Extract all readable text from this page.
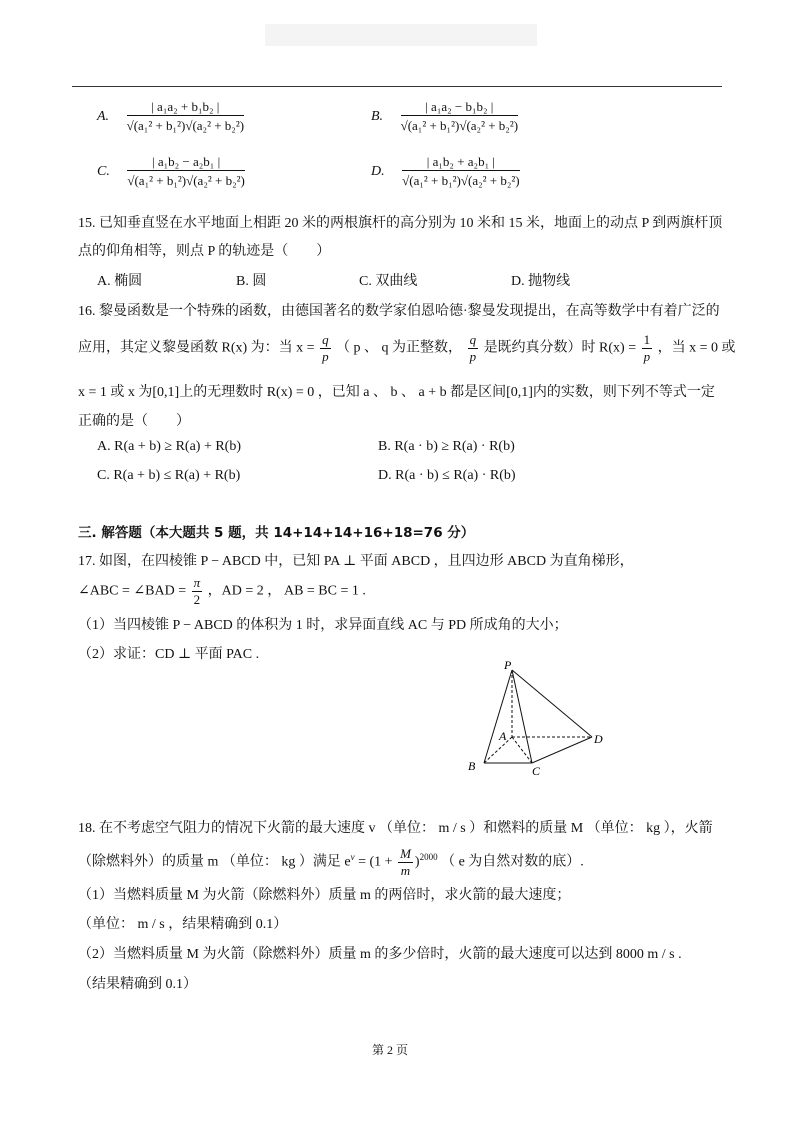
A. $\frac{\text{| a₁a₂ + b₁b₂ |}}{\text{√(a₁² + b₁²)√(a₂² + b₂²)}}$	B. $\frac{\text{| a₁a₂ − b₁b₂ |}}{\text{√(a₁² + b₁²)√(a₂² + b₂²)}}$
C. $\frac{\text{| a₁b₂ − a₂b₁ |}}{\text{√(a₁² + b₁²)√(a₂² + b₂²)}}$	D. $\frac{\text{| a₁b₂ + a₂b₁ |}}{\text{√(a₁² + b₁²)√(a₂² + b₂²)}}$
15. 已知垂直竖在水平地面上相距 20 米的两根旗杆的高分别为 10 米和 15 米，地面上的动点 P 到两旗杆顶
点的仰角相等，则点 P 的轨迹是（　　）
A. 椭圆	B. 圆	C. 双曲线	D. 抛物线
16. 黎曼函数是一个特殊的函数，由德国著名的数学家伯恩哈德·黎曼发现提出，在高等数学中有着广泛的
应用，其定义黎曼函数 R(x) 为：当 $x = \frac{q}{p}$ （ p 、 q 为正整数， $\frac{q}{p}$ 是既约真分数）时 $R(x) = \frac{1}{p}$ ，当 x = 0 或
x = 1 或 x 为[0,1]上的无理数时 R(x) = 0 ，已知 a 、 b 、 a + b 都是区间[0,1]内的实数，则下列不等式一定
正确的是（　　）
A. R(a + b) ≥ R(a) + R(b)	B. R(a · b) ≥ R(a) · R(b)
C. R(a + b) ≤ R(a) + R(b)	D. R(a · b) ≤ R(a) · R(b)
三. 解答题（本大题共 5 题，共 14+14+14+16+18=76 分）
17. 如图，在四棱锥 P − ABCD 中，已知 PA ⊥ 平面 ABCD ，且四边形 ABCD 为直角梯形，
∠ABC = ∠BAD = $\frac{\pi}{2}$ ，AD = 2 ， AB = BC = 1 .
（1）当四棱锥 P − ABCD 的体积为 1 时，求异面直线 AC 与 PD 所成角的大小；
（2）求证：CD ⊥ 平面 PAC .
P
A
B	C
D
18. 在不考虑空气阻力的情况下火箭的最大速度 v （单位： m / s ）和燃料的质量 M （单位： kg ），火箭
（除燃料外）的质量 m （单位： kg ）满足 $e^v = (1 + \frac{M}{m} )^{2000}$ （ e 为自然对数的底）.
（1）当燃料质量 M 为火箭（除燃料外）质量 m 的两倍时，求火箭的最大速度；
（单位： m / s ，结果精确到 0.1）
（2）当燃料质量 M 为火箭（除燃料外）质量 m 的多少倍时，火箭的最大速度可以达到 8000 m / s .
（结果精确到 0.1）
第 2 页
